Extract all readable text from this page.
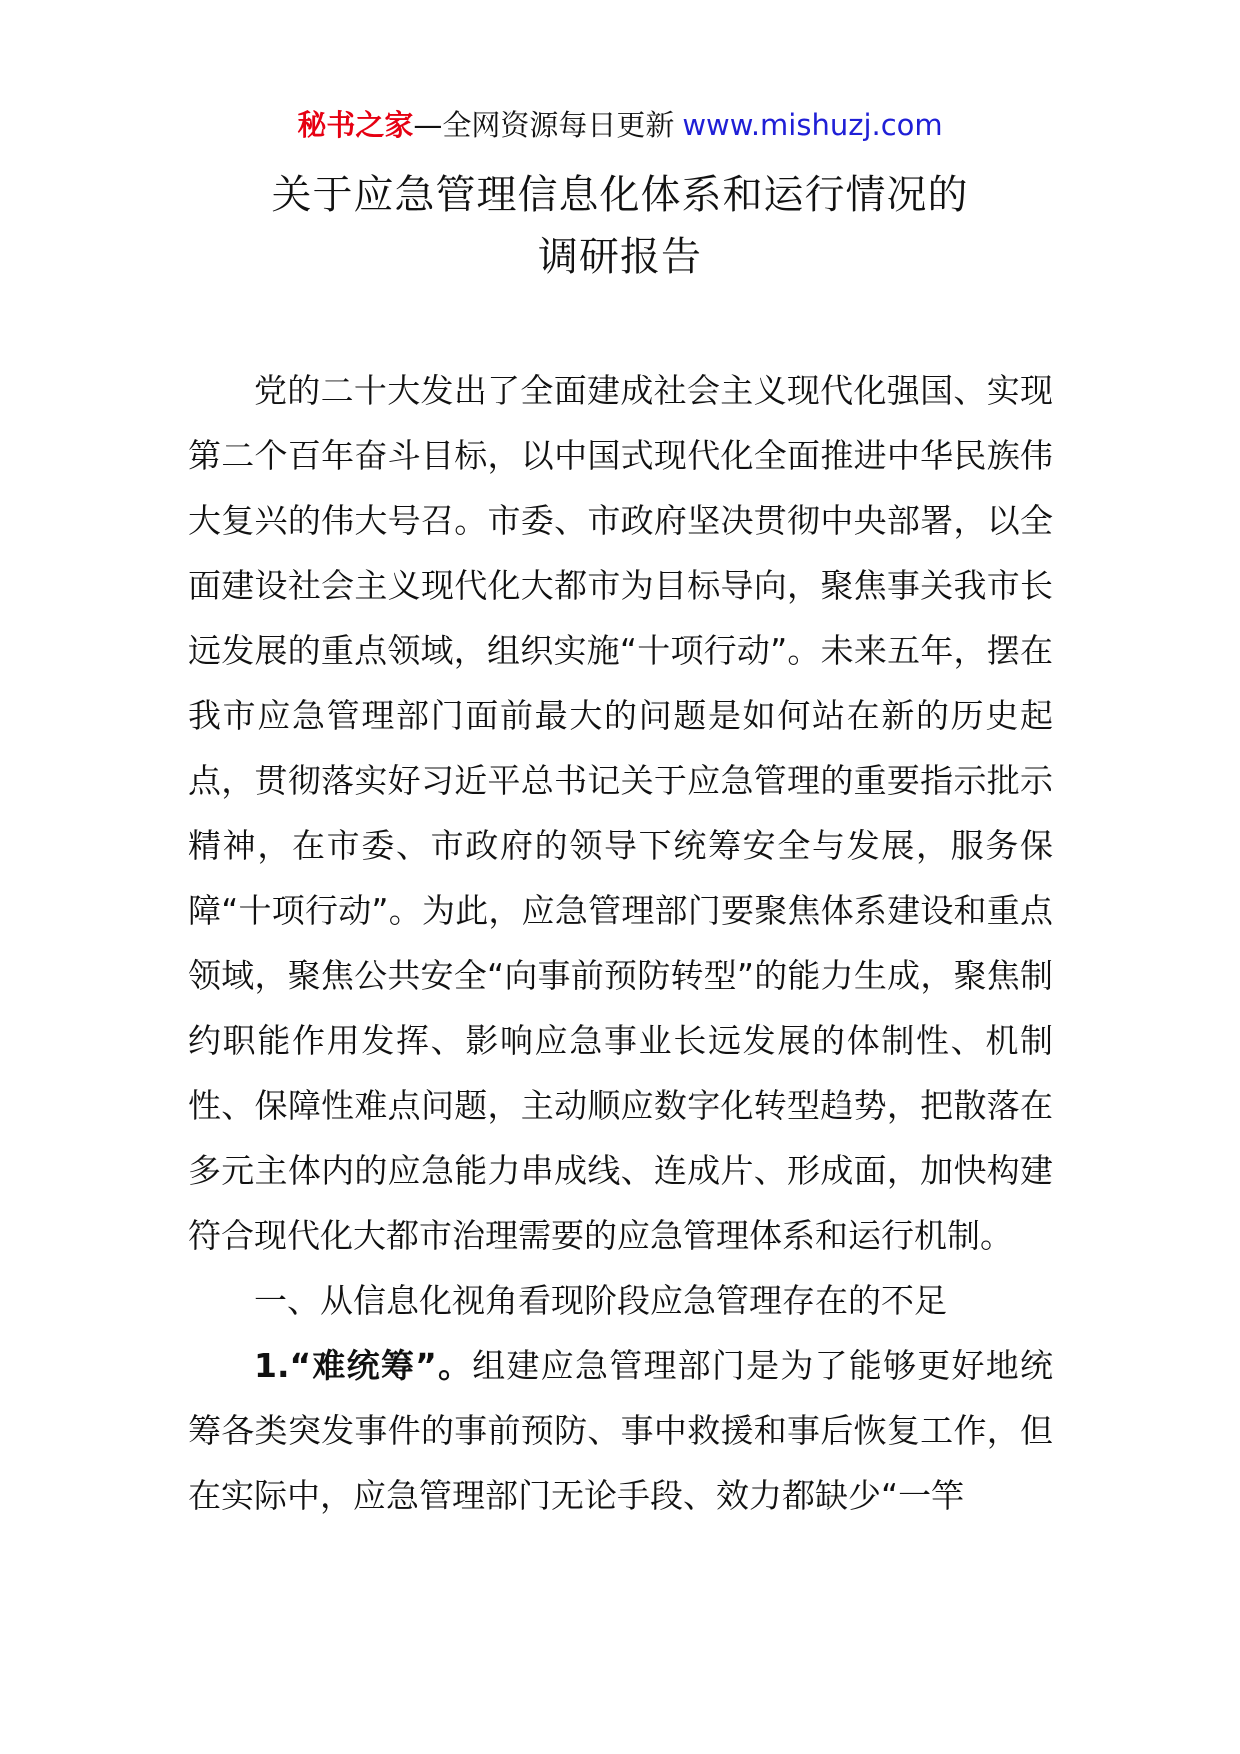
秘书之家—全网资源每日更新 www.mishuzj.com
关于应急管理信息化体系和运行情况的
调研报告

党的二十大发出了全面建成社会主义现代化强国、实现第二个百年奋斗目标，以中国式现代化全面推进中华民族伟大复兴的伟大号召。市委、市政府坚决贯彻中央部署，以全面建设社会主义现代化大都市为目标导向，聚焦事关我市长远发展的重点领域，组织实施“十项行动”。未来五年，摆在我市应急管理部门面前最大的问题是如何站在新的历史起点，贯彻落实好习近平总书记关于应急管理的重要指示批示精神，在市委、市政府的领导下统筹安全与发展，服务保障“十项行动”。为此，应急管理部门要聚焦体系建设和重点领域，聚焦公共安全“向事前预防转型”的能力生成，聚焦制约职能作用发挥、影响应急事业长远发展的体制性、机制性、保障性难点问题，主动顺应数字化转型趋势，把散落在多元主体内的应急能力串成线、连成片、形成面，加快构建符合现代化大都市治理需要的应急管理体系和运行机制。

一、从信息化视角看现阶段应急管理存在的不足

1.“难统筹”。组建应急管理部门是为了能够更好地统筹各类突发事件的事前预防、事中救援和事后恢复工作，但在实际中，应急管理部门无论手段、效力都缺少“一竿
